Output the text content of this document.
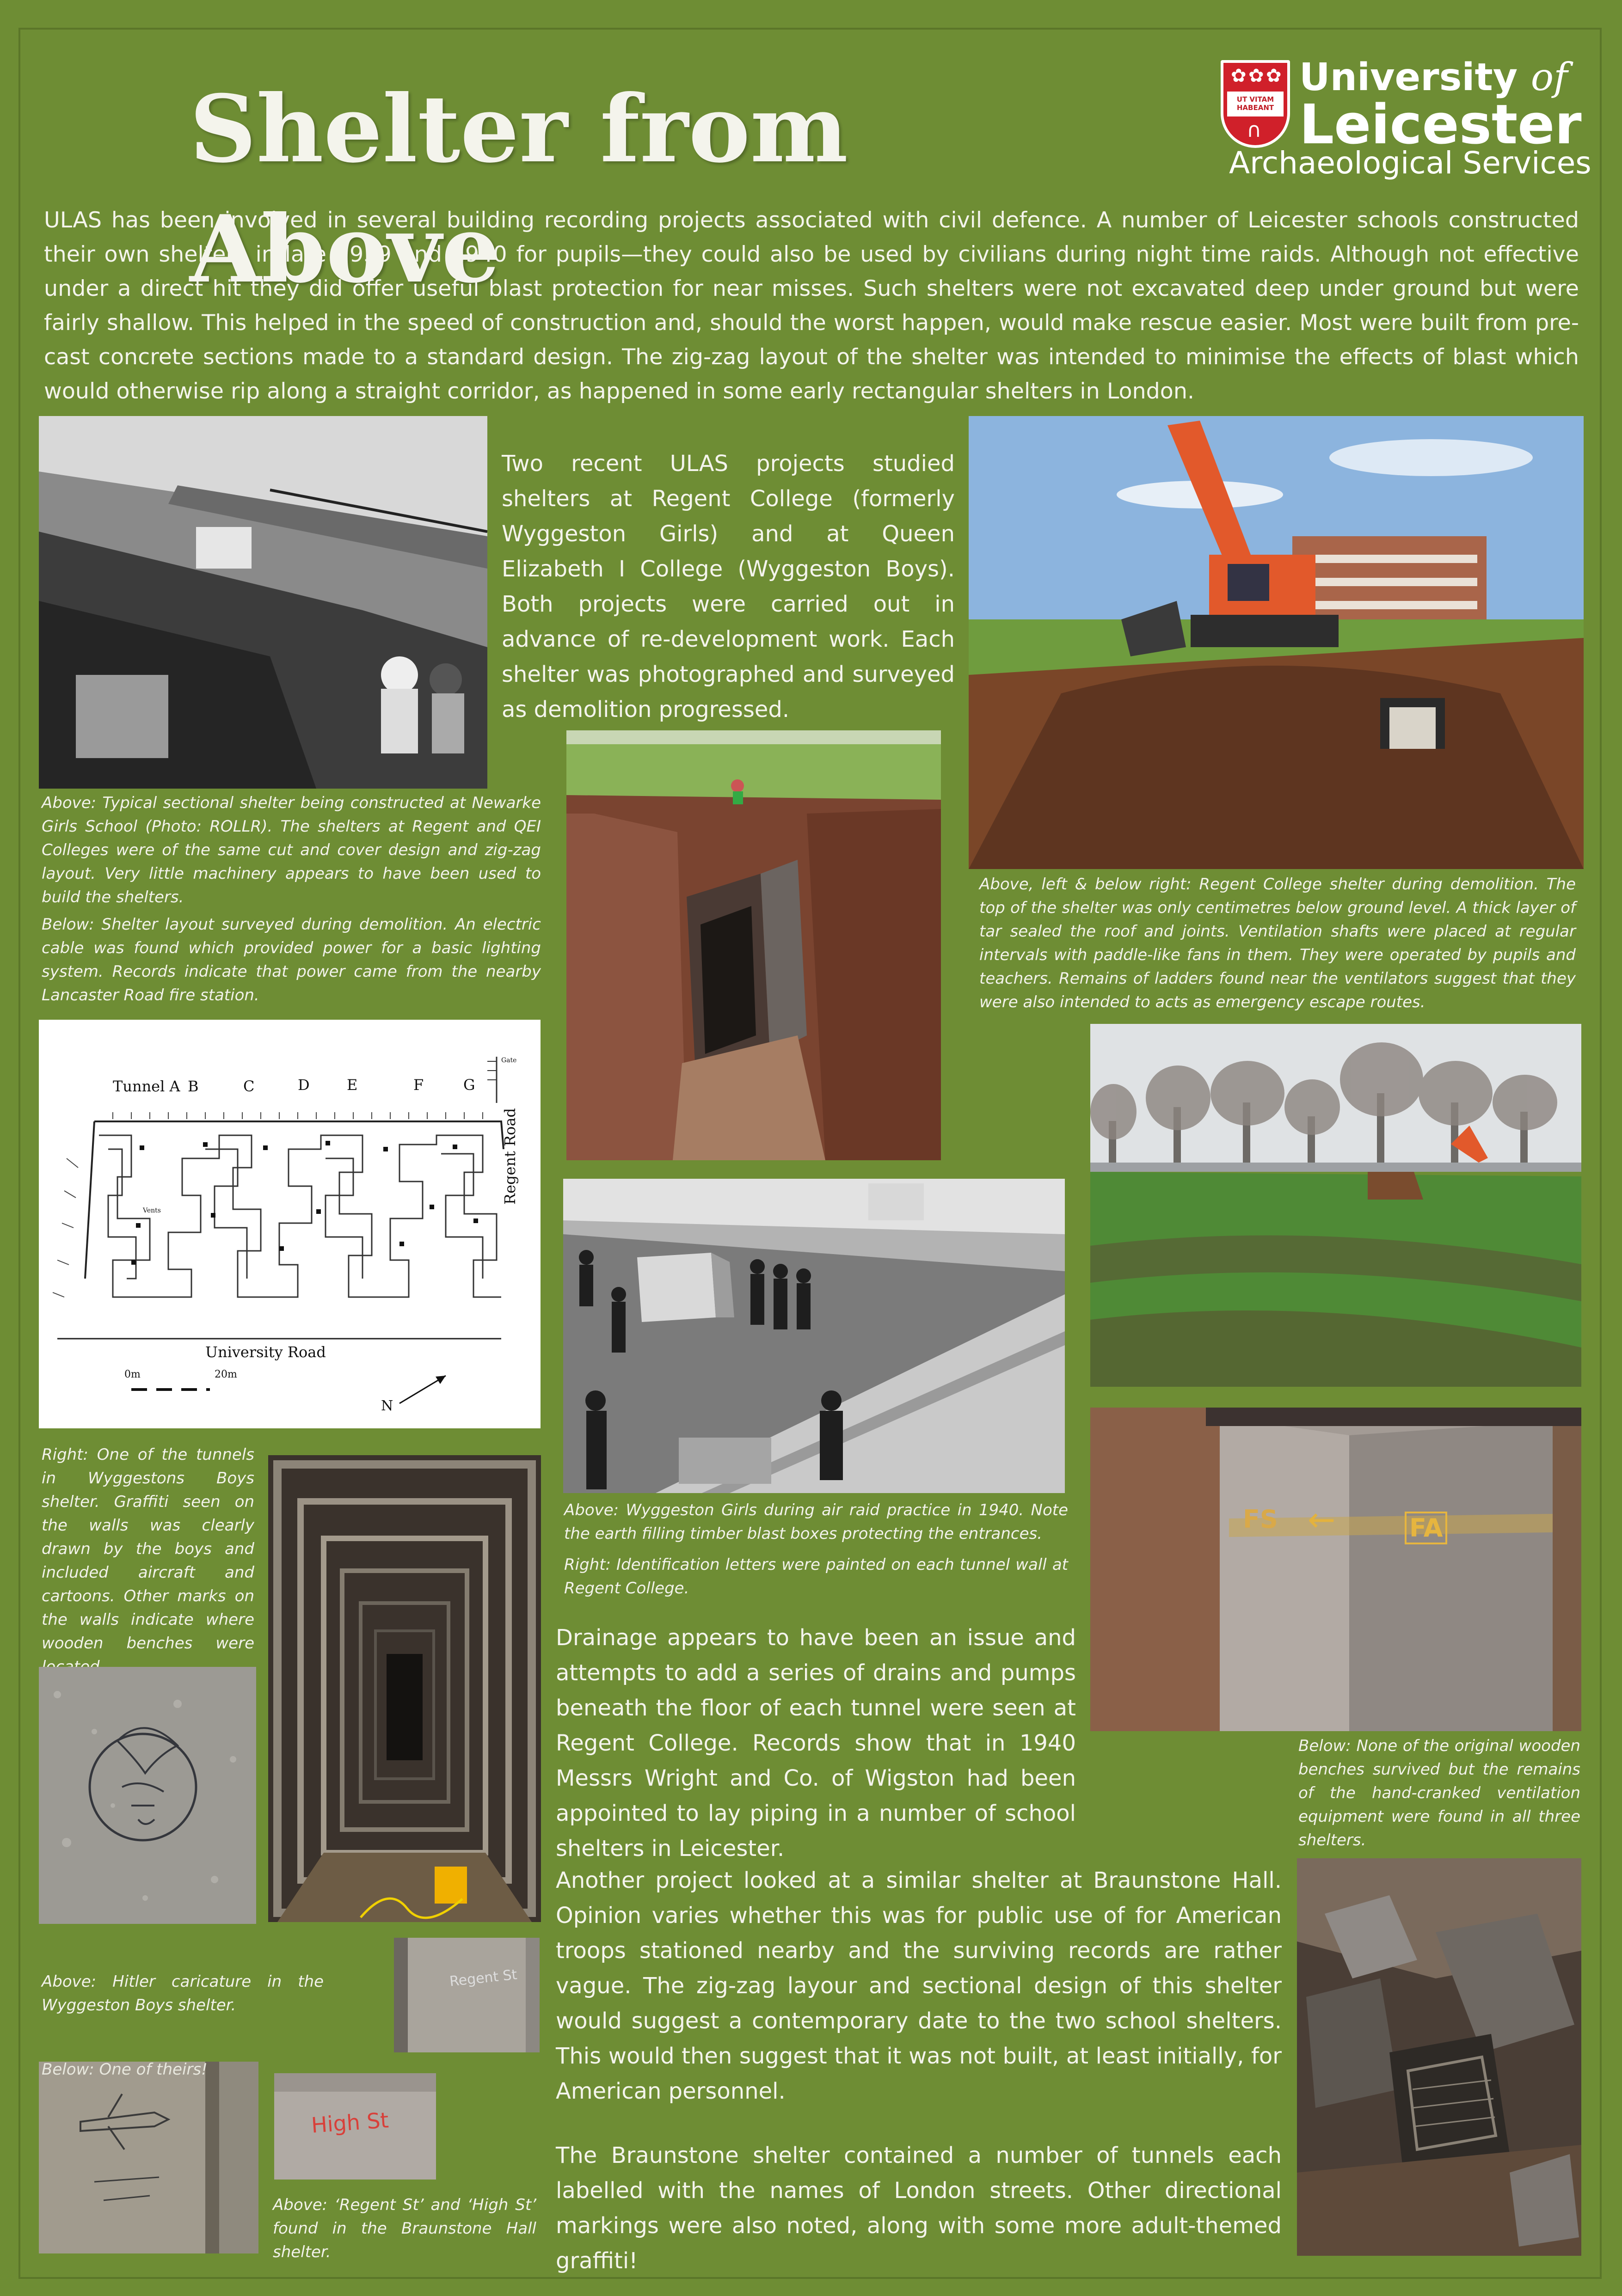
Shelter from Above
✿ ✿ ✿
UT VITAM HABEANT
∩
University of
Leicester
Archaeological Services
ULAS has been involved in several building recording projects associated with civil defence. A number of Leicester schools constructed their own shelters in late 1939 and 1940 for pupils—they could also be used by civilians during night time raids. Although not effective under a direct hit they did offer useful blast protection for near misses. Such shelters were not excavated deep under ground but were fairly shallow. This helped in the speed of construction and, should the worst happen, would make rescue easier. Most were built from pre-cast concrete sections made to a standard design. The zig-zag layout of the shelter was intended to minimise the effects of blast which would otherwise rip along a straight corridor, as happened in some early rectangular shelters in London.
Above: Typical sectional shelter being constructed at Newarke Girls School (Photo: ROLLR). The shelters at Regent and QEI Colleges were of the same cut and cover design and zig-zag layout. Very little machinery appears to have been used to build the shelters.
Below: Shelter layout surveyed during demolition. An electric cable was found which provided power for a basic lighting system. Records indicate that power came from the nearby Lancaster Road fire station.
Two recent ULAS projects studied shelters at Regent College (formerly Wyggeston Girls) and at Queen Elizabeth I College (Wyggeston Boys). Both projects were carried out in advance of re-development work. Each shelter was photographed and surveyed as demolition progressed.
Above, left & below right: Regent College shelter during demolition. The top of the shelter was only centimetres below ground level. A thick layer of tar sealed the roof and joints. Ventilation shafts were placed at regular intervals with paddle-like fans in them. They were operated by pupils and teachers. Remains of ladders found near the ventilators suggest that they were also intended to acts as emergency escape routes.
Tunnel A B	C	D	E	F	G
Gate
Vents
Regent Road
University Road
0m	20m
N
Above: Wyggeston Girls during air raid practice in 1940. Note the earth filling timber blast boxes protecting the entrances.
Right: Identification letters were painted on each tunnel wall at Regent College.
FS ←	FA
Below: None of the original wooden benches survived but the remains of the hand-cranked ventilation equipment were found in all three shelters.
Right: One of the tunnels in Wyggestons Boys shelter. Graffiti seen on the walls was clearly drawn by the boys and included aircraft and cartoons. Other marks on the walls indicate where wooden benches were
Above: Hitler caricature in the Wyggeston Boys shelter.
Below: One of theirs!
Regent St
High St
Above: ‘Regent St’ and ‘High St’ found in the Braunstone Hall shelter.
Drainage appears to have been an issue and attempts to add a series of drains and pumps beneath the floor of each tunnel were seen at Regent College. Records show that in 1940 Messrs Wright and Co. of Wigston had been appointed to lay piping in a number of school shelters in Leicester.
Another project looked at a similar shelter at Braunstone Hall. Opinion varies whether this was for public use of for American troops stationed nearby and the surviving records are rather vague. The zig-zag layour and sectional design of this shelter would suggest a contemporary date to the two school shelters. This would then suggest that it was not built, at least initially, for American personnel.
The Braunstone shelter contained a number of tunnels each labelled with the names of London streets. Other directional markings were also noted, along with some more adult-themed graffiti!
